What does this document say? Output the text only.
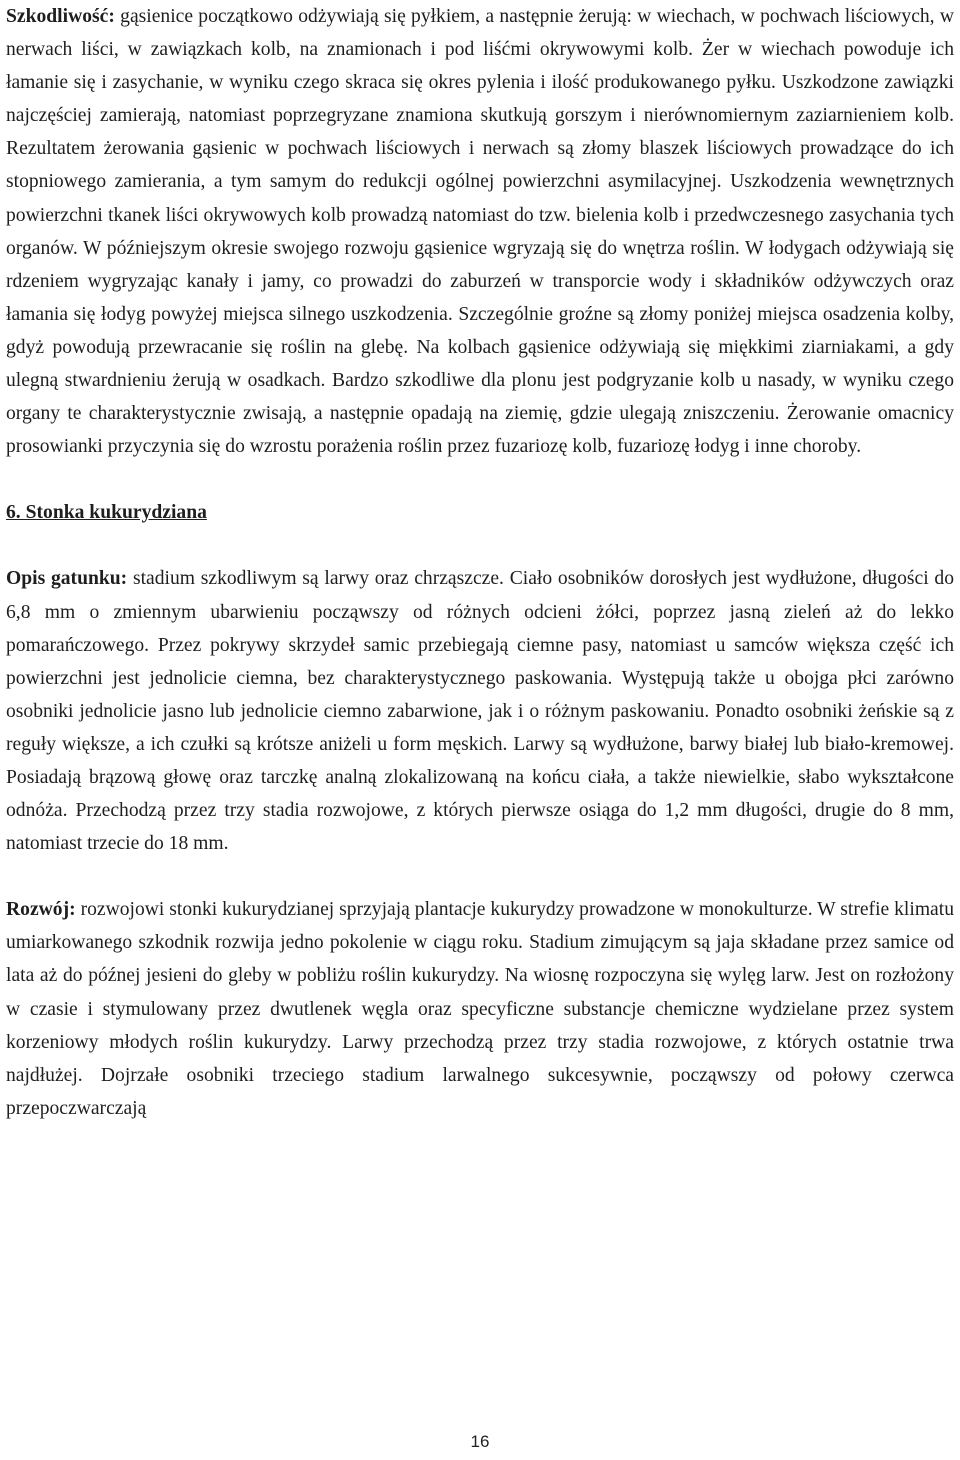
Szkodliwość: gąsienice początkowo odżywiają się pyłkiem, a następnie żerują: w wiechach, w pochwach liściowych, w nerwach liści, w zawiązkach kolb, na znamionach i pod liśćmi okrywowymi kolb. Żer w wiechach powoduje ich łamanie się i zasychanie, w wyniku czego skraca się okres pylenia i ilość produkowanego pyłku. Uszkodzone zawiązki najczęściej zamierają, natomiast poprzegryzane znamiona skutkują gorszym i nierównomiernym zaziarnieniem kolb. Rezultatem żerowania gąsienic w pochwach liściowych i nerwach są złomy blaszek liściowych prowadzące do ich stopniowego zamierania, a tym samym do redukcji ogólnej powierzchni asymilacyjnej. Uszkodzenia wewnętrznych powierzchni tkanek liści okrywowych kolb prowadzą natomiast do tzw. bielenia kolb i przedwczesnego zasychania tych organów. W późniejszym okresie swojego rozwoju gąsienice wgryzają się do wnętrza roślin. W łodygach odżywiają się rdzeniem wygryzając kanały i jamy, co prowadzi do zaburzeń w transporcie wody i składników odżywczych oraz łamania się łodyg powyżej miejsca silnego uszkodzenia. Szczególnie groźne są złomy poniżej miejsca osadzenia kolby, gdyż powodują przewracanie się roślin na glebę. Na kolbach gąsienice odżywiają się miękkimi ziarniakami, a gdy ulegną stwardnieniu żerują w osadkach. Bardzo szkodliwe dla plonu jest podgryzanie kolb u nasady, w wyniku czego organy te charakterystycznie zwisają, a następnie opadają na ziemię, gdzie ulegają zniszczeniu. Żerowanie omacnicy prosowianki przyczynia się do wzrostu porażenia roślin przez fuzariozę kolb, fuzariozę łodyg i inne choroby.

6. Stonka kukurydziana

Opis gatunku: stadium szkodliwym są larwy oraz chrząszcze. Ciało osobników dorosłych jest wydłużone, długości do 6,8 mm o zmiennym ubarwieniu począwszy od różnych odcieni żółci, poprzez jasną zieleń aż do lekko pomarańczowego. Przez pokrywy skrzydeł samic przebiegają ciemne pasy, natomiast u samców większa część ich powierzchni jest jednolicie ciemna, bez charakterystycznego paskowania. Występują także u obojga płci zarówno osobniki jednolicie jasno lub jednolicie ciemno zabarwione, jak i o różnym paskowaniu. Ponadto osobniki żeńskie są z reguły większe, a ich czułki są krótsze aniżeli u form męskich. Larwy są wydłużone, barwy białej lub biało-kremowej. Posiadają brązową głowę oraz tarczkę analną zlokalizowaną na końcu ciała, a także niewielkie, słabo wykształcone odnóża. Przechodzą przez trzy stadia rozwojowe, z których pierwsze osiąga do 1,2 mm długości, drugie do 8 mm, natomiast trzecie do 18 mm.

Rozwój: rozwojowi stonki kukurydzianej sprzyjają plantacje kukurydzy prowadzone w monokulturze. W strefie klimatu umiarkowanego szkodnik rozwija jedno pokolenie w ciągu roku. Stadium zimującym są jaja składane przez samice od lata aż do późnej jesieni do gleby w pobliżu roślin kukurydzy. Na wiosnę rozpoczyna się wylęg larw. Jest on rozłożony w czasie i stymulowany przez dwutlenek węgla oraz specyficzne substancje chemiczne wydzielane przez system korzeniowy młodych roślin kukurydzy. Larwy przechodzą przez trzy stadia rozwojowe, z których ostatnie trwa najdłużej. Dojrzałe osobniki trzeciego stadium larwalnego sukcesywnie, począwszy od połowy czerwca przepoczwarczają

16
